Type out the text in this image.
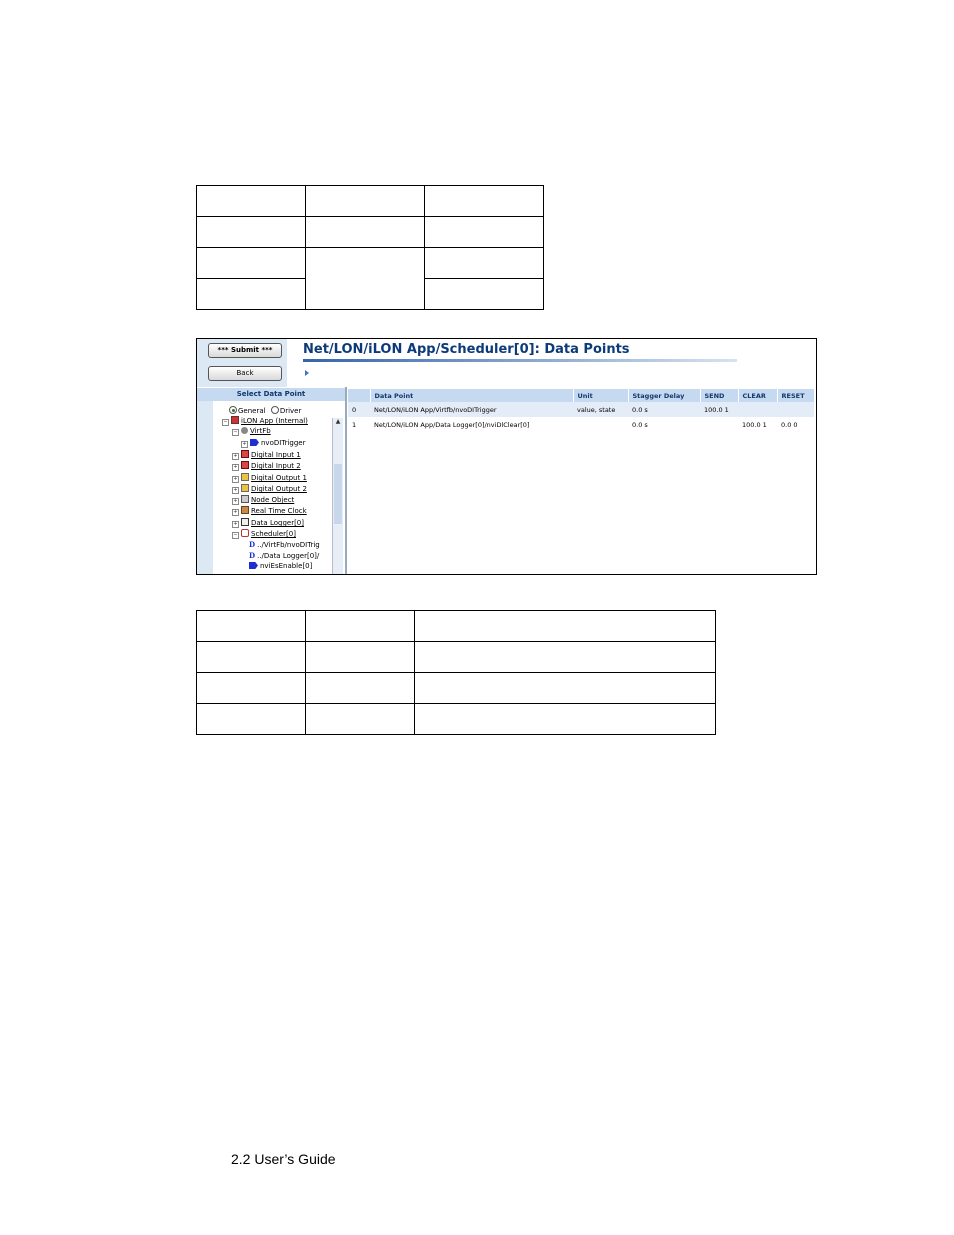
*** Submit ***
Back
Net/LON/iLON App/Scheduler[0]: Data Points
Select Data Point
General Driver
− iLON App (Internal)
− VirtFb
+ nvoDITrigger
+ Digital Input 1
+ Digital Input 2
+ Digital Output 1
+ Digital Output 2
+ Node Object
+ Real Time Clock
+ Data Logger[0]
− Scheduler[0]
D ../VirtFb/nvoDITrig
D ../Data Logger[0]/
nviEsEnable[0]
▲
	Data Point	Unit	Stagger Delay	SEND	CLEAR	RESET
0	Net/LON/iLON App/Virtfb/nvoDITrigger	value, state	0.0 s	100.0 1		
1	Net/LON/iLON App/Data Logger[0]/nviDlClear[0]		0.0 s		100.0 1	0.0 0

2.2 User’s Guide
